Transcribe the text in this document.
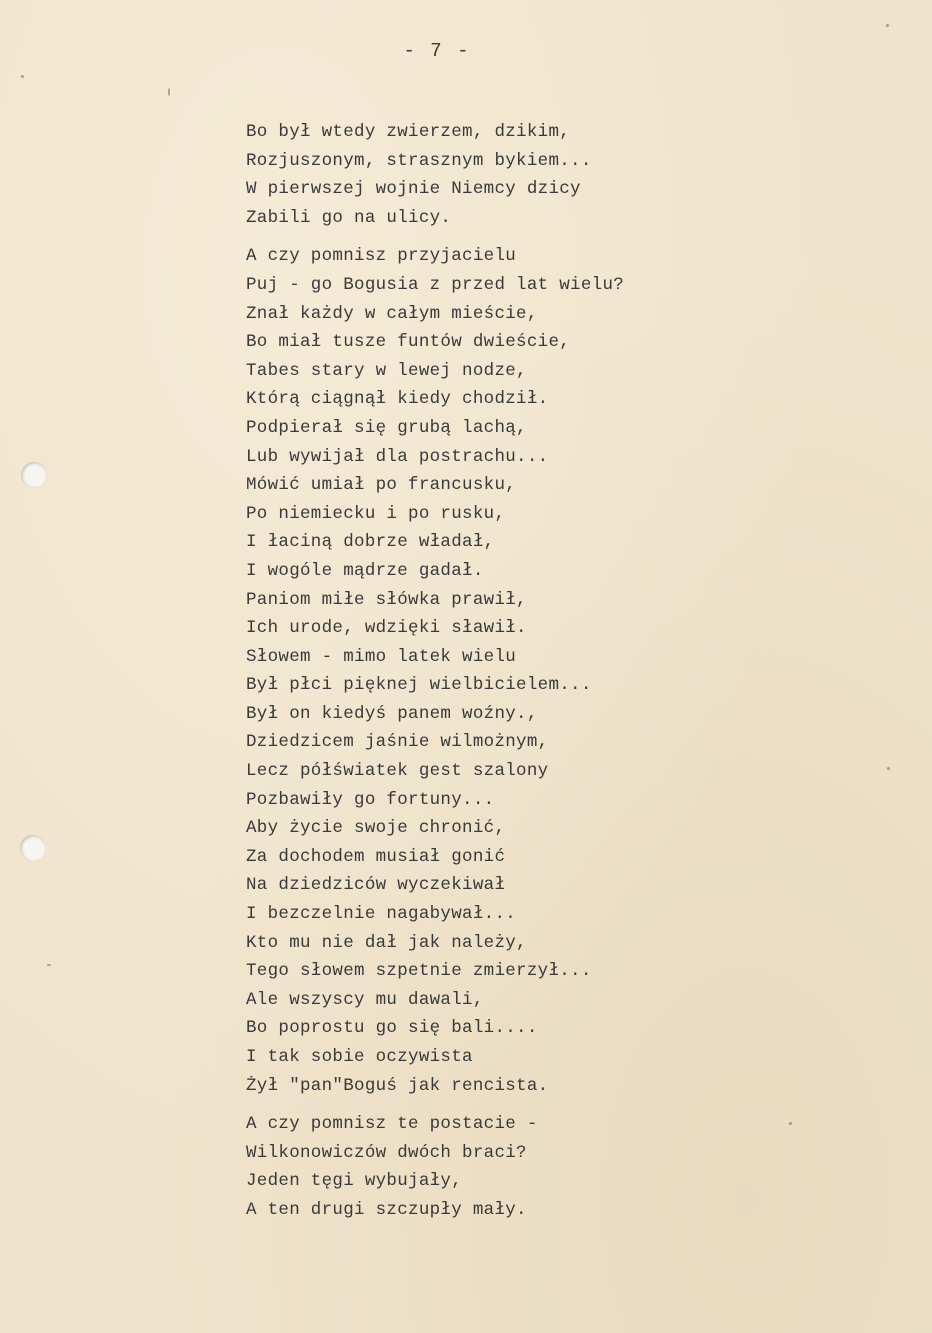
- 7 -
Bo był wtedy zwierzem, dzikim,
Rozjuszonym, strasznym bykiem...
W pierwszej wojnie Niemcy dzicy
Zabili go na ulicy.
A czy pomnisz przyjacielu
Puj - go Bogusia z przed lat wielu?
Znał każdy w całym mieście,
Bo miał tusze funtów dwieście,
Tabes stary w lewej nodze,
Którą ciągnął kiedy chodził.
Podpierał się grubą lachą,
Lub wywijał dla postrachu...
Mówić umiał po francusku,
Po niemiecku i po rusku,
I łaciną dobrze władał,
I wogóle mądrze gadał.
Paniom miłe słówka prawił,
Ich urode, wdzięki sławił.
Słowem - mimo latek wielu
Był płci pięknej wielbicielem...
Był on kiedyś panem woźny.,
Dziedzicem jaśnie wilmożnym,
Lecz półświatek gest szalony
Pozbawiły go fortuny...
Aby życie swoje chronić,
Za dochodem musiał gonić
Na dziedziców wyczekiwał
I bezczelnie nagabywał...
Kto mu nie dał jak należy,
Tego słowem szpetnie zmierzył...
Ale wszyscy mu dawali,
Bo poprostu go się bali....
I tak sobie oczywista
Żył "pan"Boguś jak rencista.
A czy pomnisz te postacie -
Wilkonowiczów dwóch braci?
Jeden tęgi wybujały,
A ten drugi szczupły mały.
